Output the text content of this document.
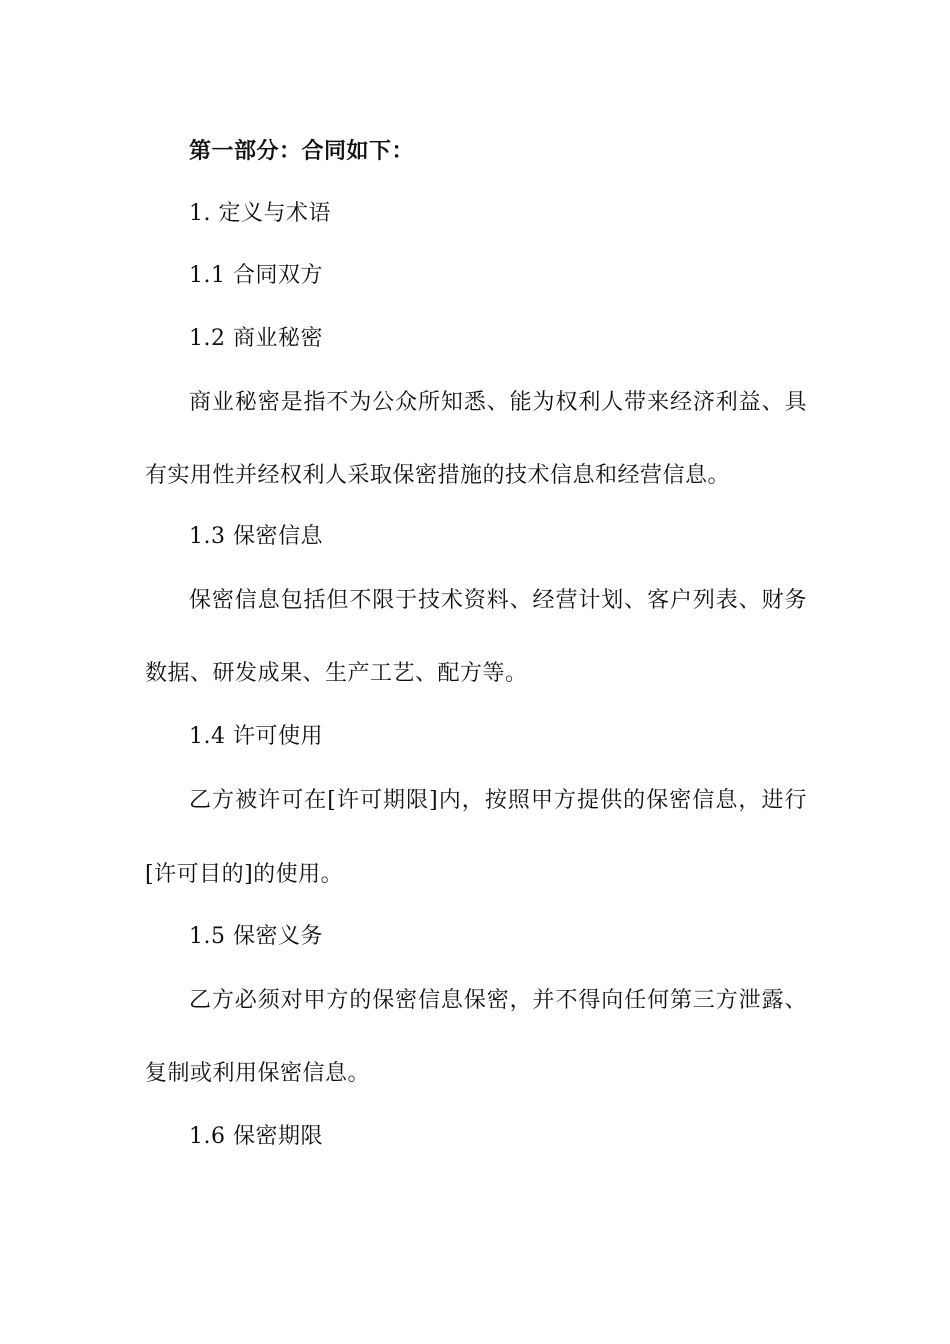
第一部分：合同如下：
1. 定义与术语
1.1 合同双方
1.2 商业秘密
商业秘密是指不为公众所知悉、能为权利人带来经济利益、具
有实用性并经权利人采取保密措施的技术信息和经营信息。
1.3 保密信息
保密信息包括但不限于技术资料、经营计划、客户列表、财务
数据、研发成果、生产工艺、配方等。
1.4 许可使用
乙方被许可在[许可期限]内，按照甲方提供的保密信息，进行
[许可目的]的使用。
1.5 保密义务
乙方必须对甲方的保密信息保密，并不得向任何第三方泄露、
复制或利用保密信息。
1.6 保密期限
